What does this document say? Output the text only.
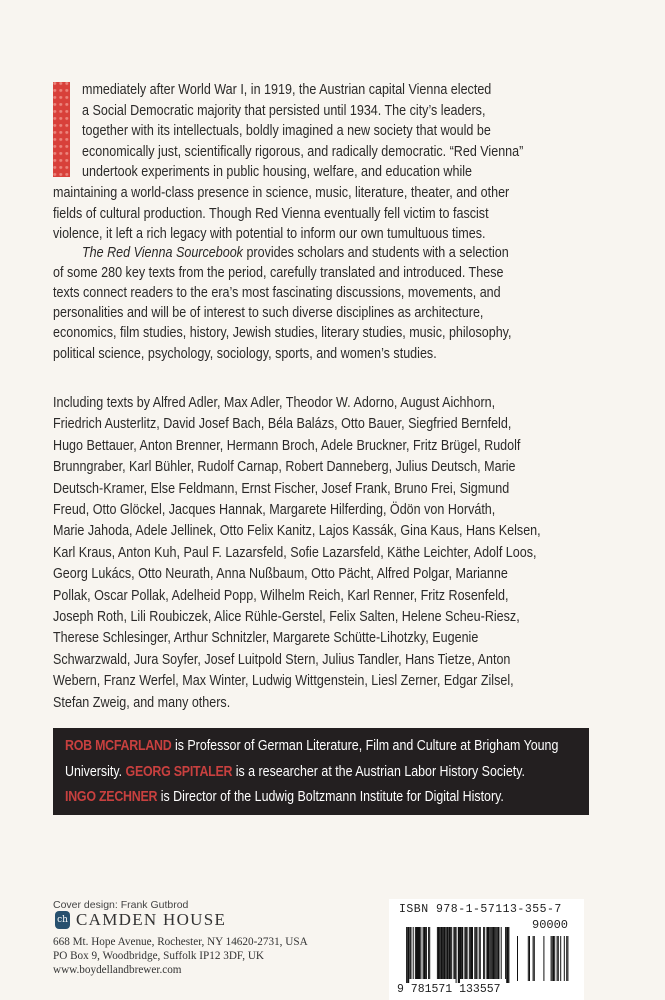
mmediately after World War I, in 1919, the Austrian capital Vienna elected
a Social Democratic majority that persisted until 1934. The city’s leaders,
together with its intellectuals, boldly imagined a new society that would be
economically just, scientifically rigorous, and radically democratic. “Red Vienna”
undertook experiments in public housing, welfare, and education while
maintaining a world-class presence in science, music, literature, theater, and other
fields of cultural production. Though Red Vienna eventually fell victim to fascist
violence, it left a rich legacy with potential to inform our own tumultuous times.
The Red Vienna Sourcebook provides scholars and students with a selection
of some 280 key texts from the period, carefully translated and introduced. These
texts connect readers to the era’s most fascinating discussions, movements, and
personalities and will be of interest to such diverse disciplines as architecture,
economics, film studies, history, Jewish studies, literary studies, music, philosophy,
political science, psychology, sociology, sports, and women’s studies.
Including texts by Alfred Adler, Max Adler, Theodor W. Adorno, August Aichhorn,
Friedrich Austerlitz, David Josef Bach, Béla Balázs, Otto Bauer, Siegfried Bernfeld,
Hugo Bettauer, Anton Brenner, Hermann Broch, Adele Bruckner, Fritz Brügel, Rudolf
Brunngraber, Karl Bühler, Rudolf Carnap, Robert Danneberg, Julius Deutsch, Marie
Deutsch-Kramer, Else Feldmann, Ernst Fischer, Josef Frank, Bruno Frei, Sigmund
Freud, Otto Glöckel, Jacques Hannak, Margarete Hilferding, Ödön von Horváth,
Marie Jahoda, Adele Jellinek, Otto Felix Kanitz, Lajos Kassák, Gina Kaus, Hans Kelsen,
Karl Kraus, Anton Kuh, Paul F. Lazarsfeld, Sofie Lazarsfeld, Käthe Leichter, Adolf Loos,
Georg Lukács, Otto Neurath, Anna Nußbaum, Otto Pächt, Alfred Polgar, Marianne
Pollak, Oscar Pollak, Adelheid Popp, Wilhelm Reich, Karl Renner, Fritz Rosenfeld,
Joseph Roth, Lili Roubiczek, Alice Rühle-Gerstel, Felix Salten, Helene Scheu-Riesz,
Therese Schlesinger, Arthur Schnitzler, Margarete Schütte-Lihotzky, Eugenie
Schwarzwald, Jura Soyfer, Josef Luitpold Stern, Julius Tandler, Hans Tietze, Anton
Webern, Franz Werfel, Max Winter, Ludwig Wittgenstein, Liesl Zerner, Edgar Zilsel,
Stefan Zweig, and many others.
ROB MCFARLAND is Professor of German Literature, Film and Culture at Brigham Young
University. GEORG SPITALER is a researcher at the Austrian Labor History Society.
INGO ZECHNER is Director of the Ludwig Boltzmann Institute for Digital History.
Cover design: Frank Gutbrod
ch CAMDEN HOUSE
668 Mt. Hope Avenue, Rochester, NY 14620-2731, USA
PO Box 9, Woodbridge, Suffolk IP12 3DF, UK
www.boydellandbrewer.com
ISBN 978-1-57113-355-7
90000
9 781571 133557
